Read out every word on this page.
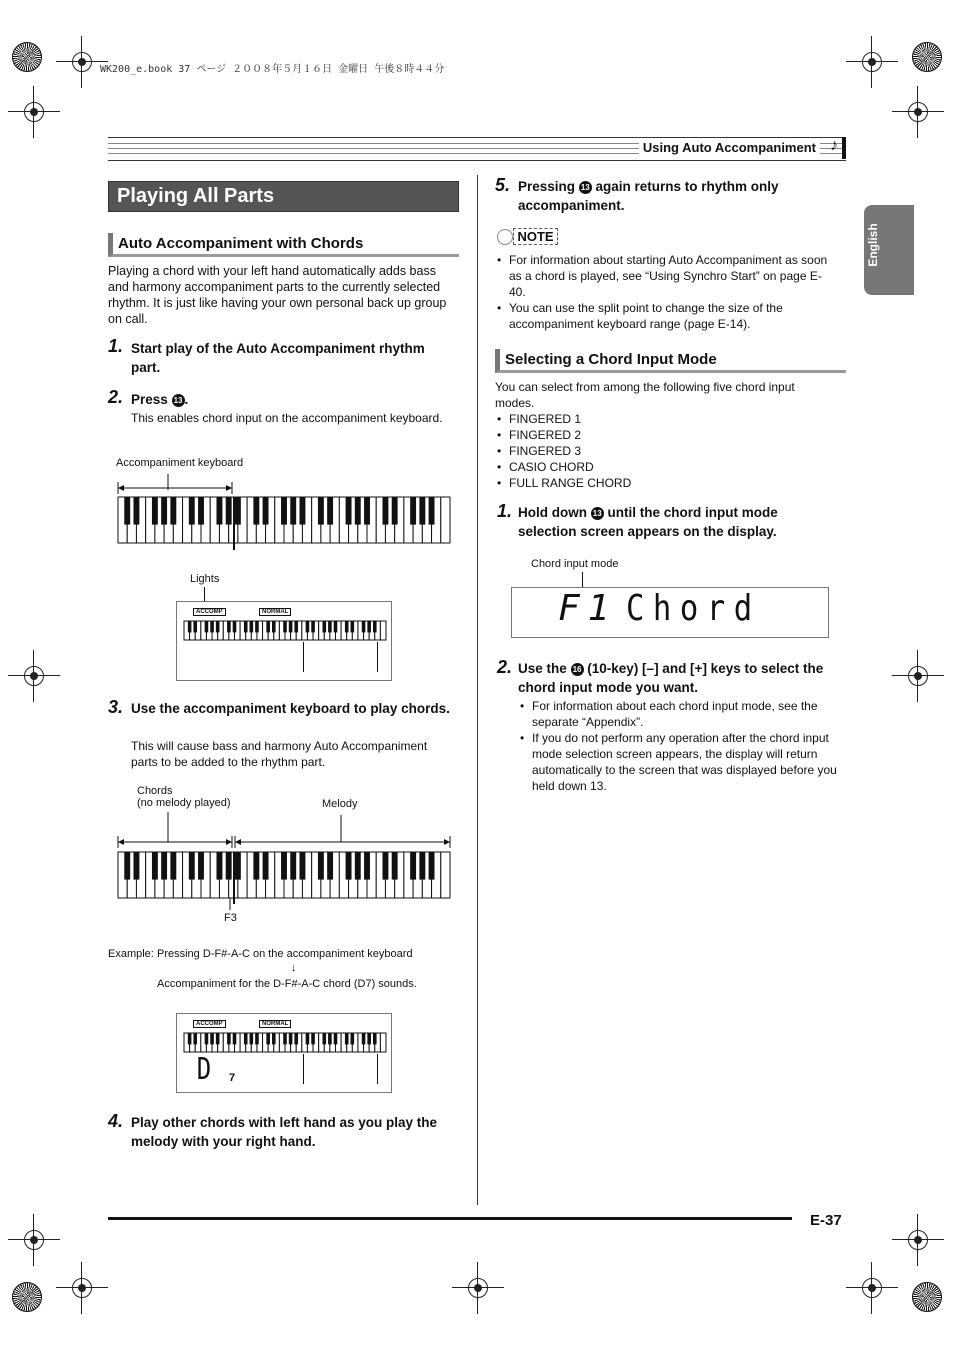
WK200_e.book 37 ページ ２００８年５月１６日 金曜日 午後８時４４分
Using Auto Accompaniment ♪
English
Playing All Parts
Auto Accompaniment with Chords
Playing a chord with your left hand automatically adds bass and harmony accompaniment parts to the currently selected rhythm. It is just like having your own personal back up group on call.
1. Start play of the Auto Accompaniment rhythm part.
2. Press 13 .
This enables chord input on the accompaniment keyboard.
Accompaniment keyboard
Lights
ACCOMP	NORMAL
3. Use the accompaniment keyboard to play chords.
This will cause bass and harmony Auto Accompaniment parts to be added to the rhythm part.
Chords
(no melody played)	Melody
F3
Example: Pressing D-F#-A-C on the accompaniment keyboard
↓
Accompaniment for the D-F#-A-C chord (D7) sounds.
ACCOMP	NORMAL
D 7
4. Play other chords with left hand as you play the melody with your right hand.
5. Pressing 13 again returns to rhythm only accompaniment.
NOTE
• For information about starting Auto Accompaniment as soon as a chord is played, see “Using Synchro Start” on page E-40.
• You can use the split point to change the size of the accompaniment keyboard range (page E-14).
Selecting a Chord Input Mode
You can select from among the following five chord input modes.
• FINGERED 1
• FINGERED 2
• FINGERED 3
• CASIO CHORD
• FULL RANGE CHORD
1. Hold down 13 until the chord input mode selection screen appears on the display.
Chord input mode
F1 Chord
2. Use the 16 (10-key) [–] and [+] keys to select the chord input mode you want.
• For information about each chord input mode, see the separate “Appendix”.
• If you do not perform any operation after the chord input mode selection screen appears, the display will return automatically to the screen that was displayed before you held down 13.
E-37
